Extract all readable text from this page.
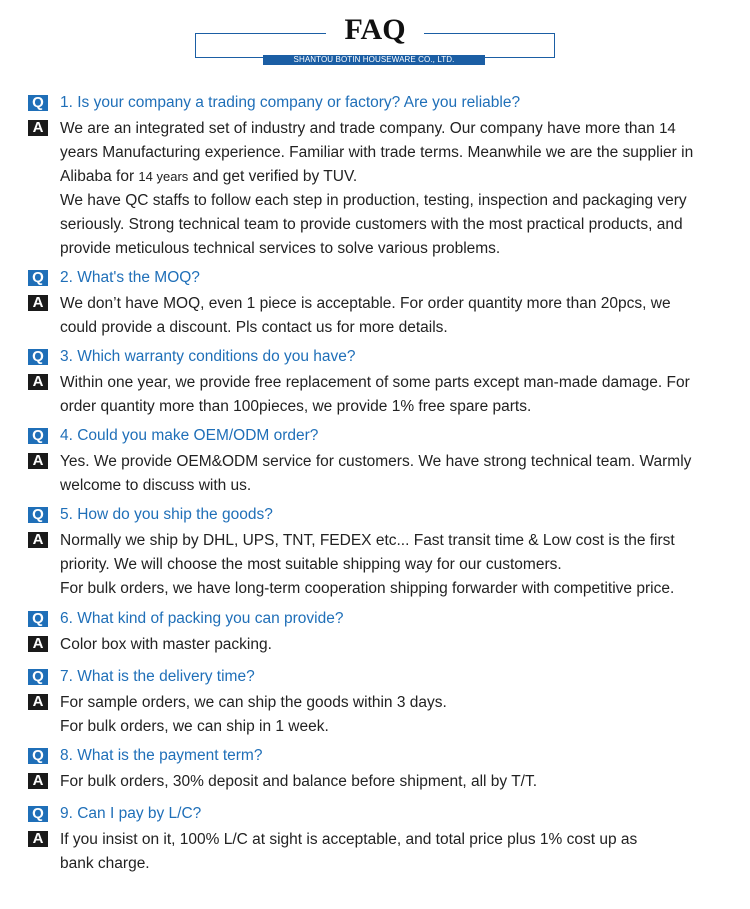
FAQ
SHANTOU BOTIN HOUSEWARE CO., LTD.
Q 1. Is your company a trading company or factory? Are you reliable?
A We are an integrated set of industry and trade company. Our company have more than 14
years Manufacturing experience. Familiar with trade terms. Meanwhile we are the supplier in
Alibaba for 14 years and get verified by TUV.
We have QC staffs to follow each step in production, testing, inspection and packaging very
seriously. Strong technical team to provide customers with the most practical products, and
provide meticulous technical services to solve various problems.
Q 2. What's the MOQ?
A We don’t have MOQ, even 1 piece is acceptable. For order quantity more than 20pcs, we
could provide a discount. Pls contact us for more details.
Q 3. Which warranty conditions do you have?
A Within one year, we provide free replacement of some parts except man-made damage. For
order quantity more than 100pieces, we provide 1% free spare parts.
Q 4. Could you make OEM/ODM order?
A Yes. We provide OEM&ODM service for customers. We have strong technical team. Warmly
welcome to discuss with us.
Q 5. How do you ship the goods?
A Normally we ship by DHL, UPS, TNT, FEDEX etc... Fast transit time & Low cost is the first
priority. We will choose the most suitable shipping way for our customers.
For bulk orders, we have long-term cooperation shipping forwarder with competitive price.
Q 6. What kind of packing you can provide?
A Color box with master packing.
Q 7. What is the delivery time?
A For sample orders, we can ship the goods within 3 days.
For bulk orders, we can ship in 1 week.
Q 8. What is the payment term?
A For bulk orders, 30% deposit and balance before shipment, all by T/T.
Q 9. Can I pay by L/C?
A If you insist on it, 100% L/C at sight is acceptable, and total price plus 1% cost up as
bank charge.
